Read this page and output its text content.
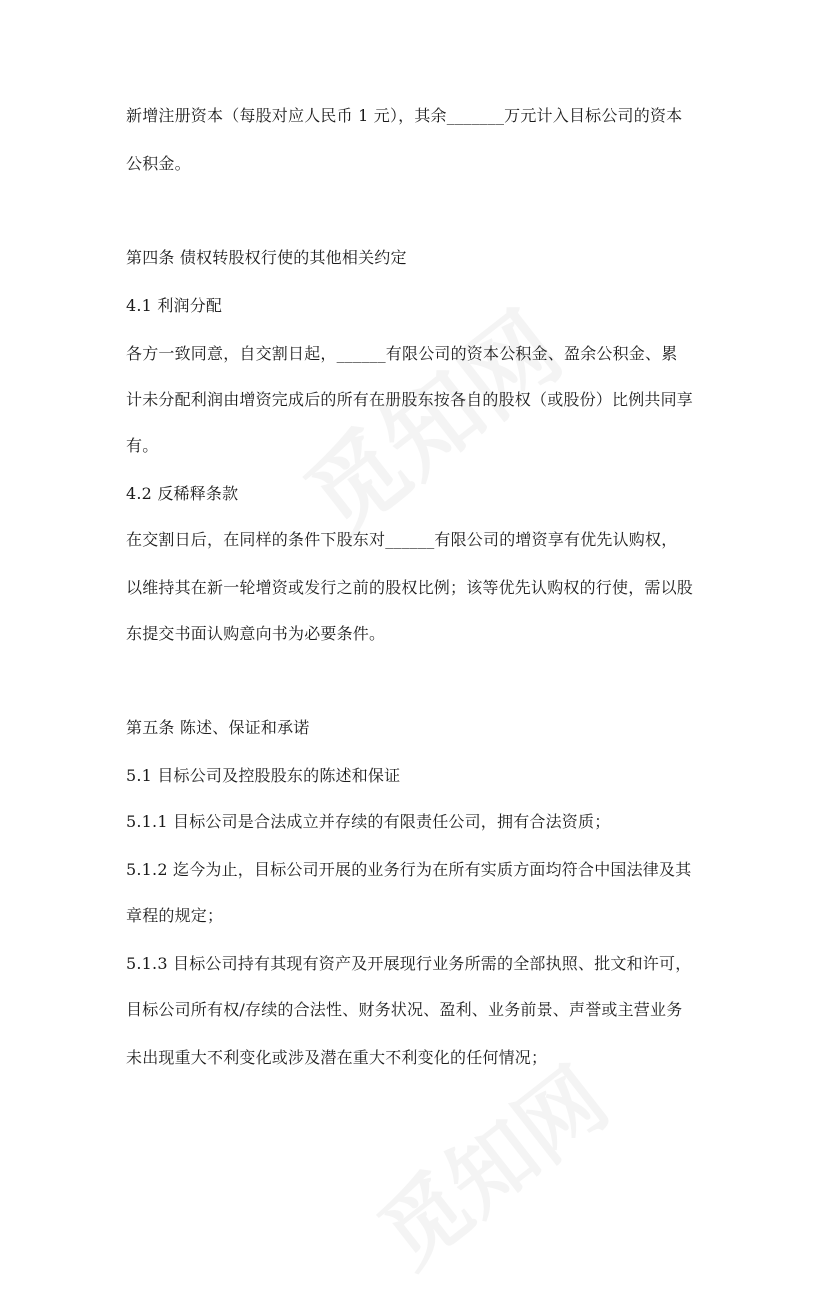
新增注册资本（每股对应人民币 1 元），其余_______万元计入目标公司的资本
公积金。
第四条 债权转股权行使的其他相关约定
4.1 利润分配
各方一致同意，自交割日起，______有限公司的资本公积金、盈余公积金、累
计未分配利润由增资完成后的所有在册股东按各自的股权（或股份）比例共同享
有。
4.2 反稀释条款
在交割日后，在同样的条件下股东对______有限公司的增资享有优先认购权，
以维持其在新一轮增资或发行之前的股权比例；该等优先认购权的行使，需以股
东提交书面认购意向书为必要条件。
第五条 陈述、保证和承诺
5.1 目标公司及控股股东的陈述和保证
5.1.1 目标公司是合法成立并存续的有限责任公司，拥有合法资质；
5.1.2 迄今为止，目标公司开展的业务行为在所有实质方面均符合中国法律及其
章程的规定；
5.1.3 目标公司持有其现有资产及开展现行业务所需的全部执照、批文和许可，
目标公司所有权/存续的合法性、财务状况、盈利、业务前景、声誉或主营业务
未出现重大不利变化或涉及潜在重大不利变化的任何情况；
